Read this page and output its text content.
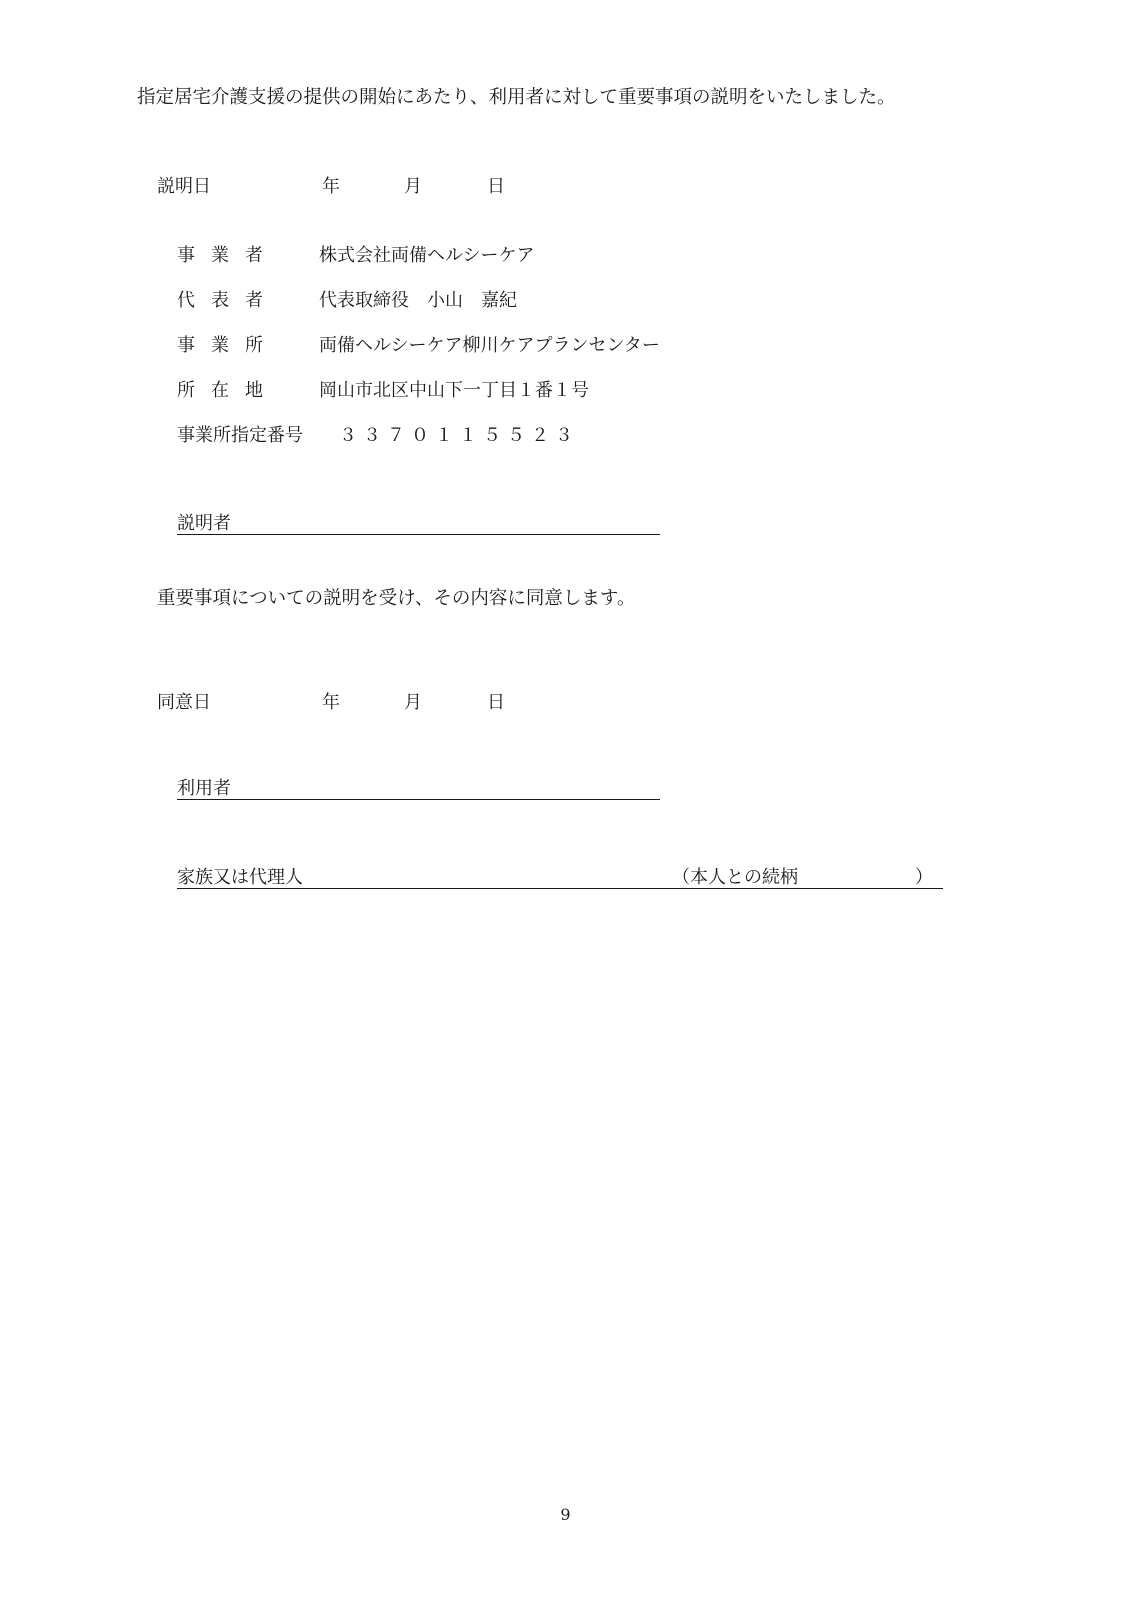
指定居宅介護支援の提供の開始にあたり、利用者に対して重要事項の説明をいたしました。
説明日	年	月	日
事業者 株式会社両備ヘルシーケア
代表者 代表取締役　小山　嘉紀
事業所 両備ヘルシーケア柳川ケアプランセンター
所在地 岡山市北区中山下一丁目１番１号
事業所指定番号 ３３７０１１５５２３
説明者
重要事項についての説明を受け、その内容に同意します。
同意日	年	月	日
利用者
家族又は代理人	（本人との続柄	）
9
